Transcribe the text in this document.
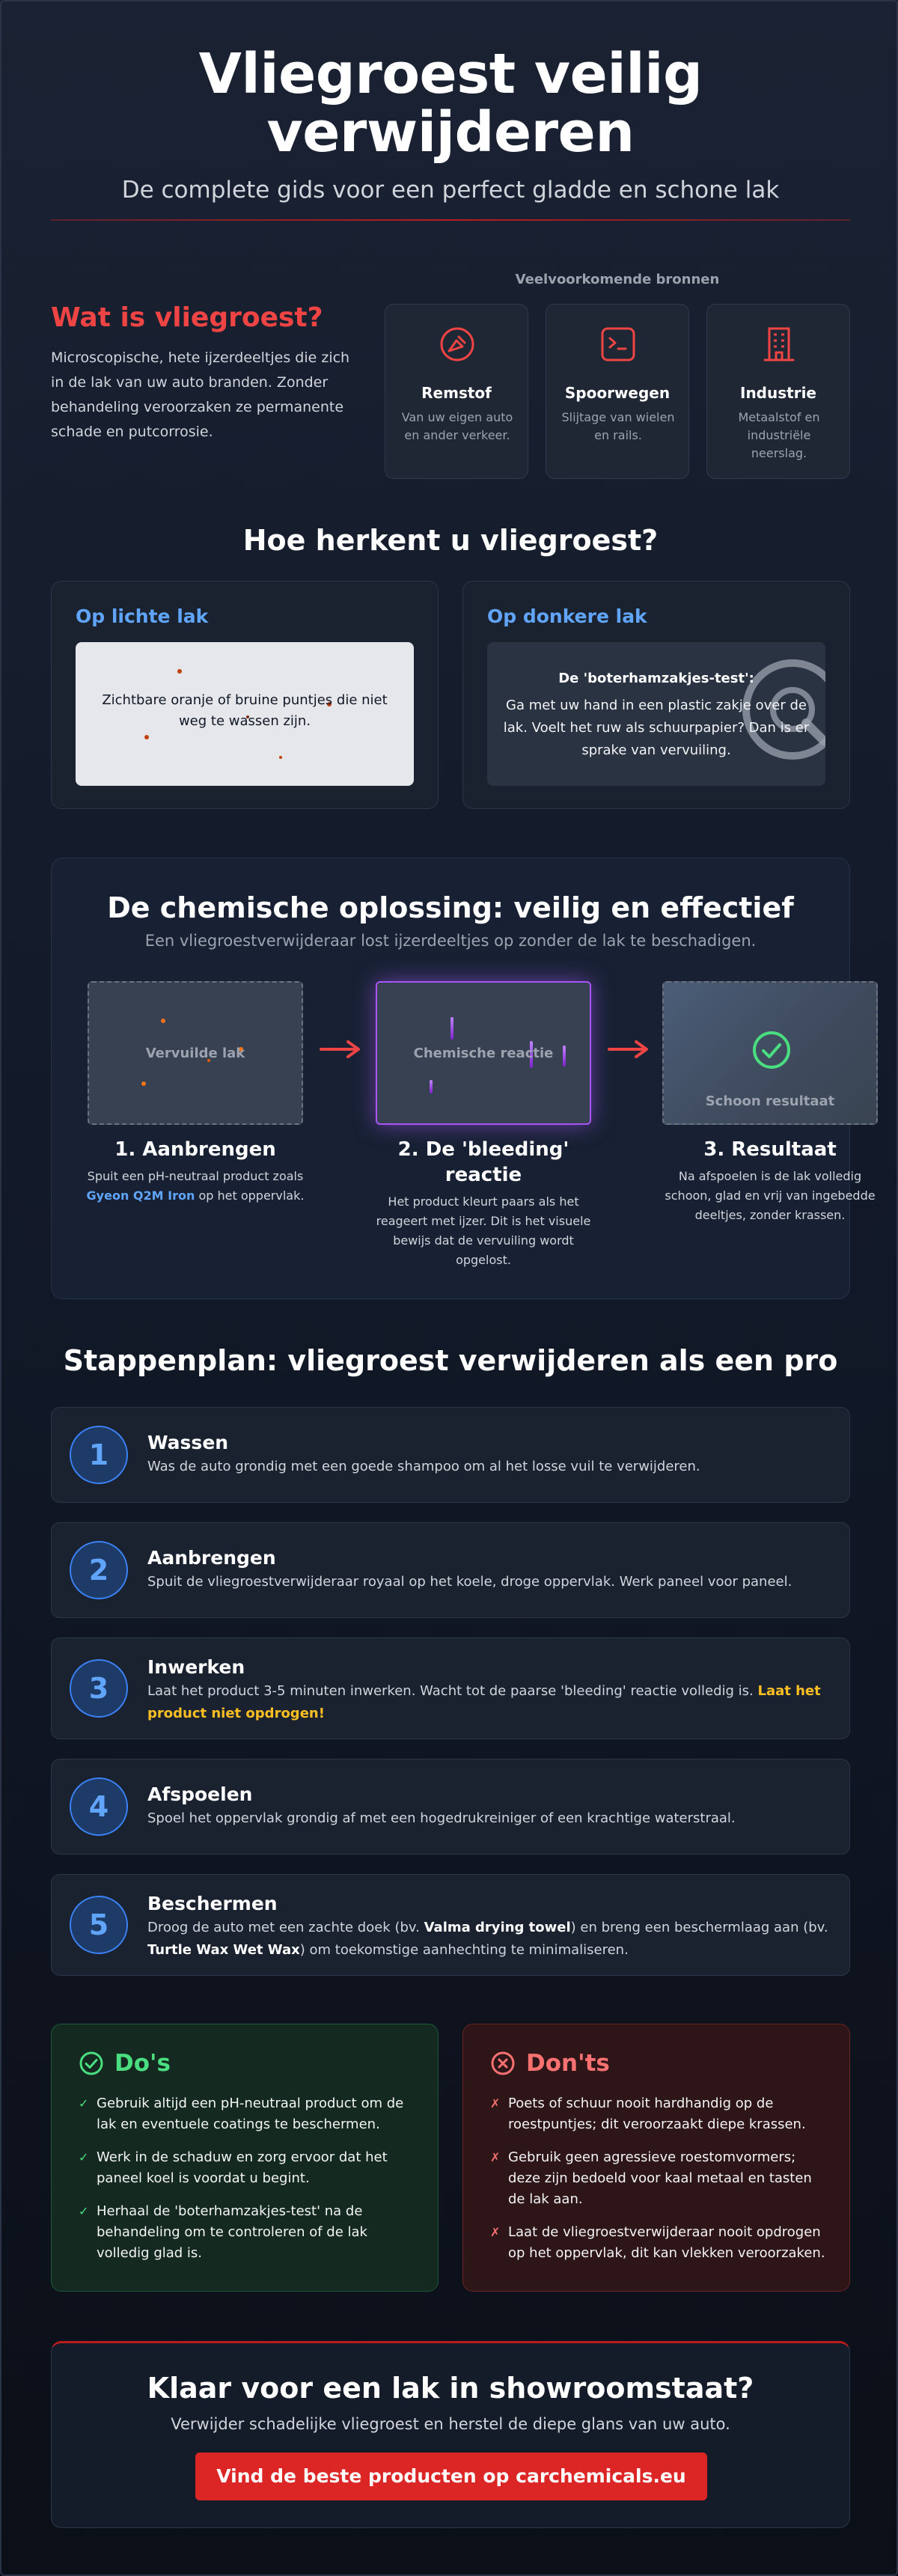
Vliegroest veilig
verwijderen
De complete gids voor een perfect gladde en schone lak
Wat is vliegroest?
Microscopische, hete ijzerdeeltjes die zich in de lak van uw auto branden. Zonder behandeling veroorzaken ze permanente schade en putcorrosie.
Veelvoorkomende bronnen
Remstof
Van uw eigen auto en ander verkeer.
Spoorwegen
Slijtage van wielen en rails.
Industrie
Metaalstof en industriële neerslag.
Hoe herkent u vliegroest?
Op lichte lak
Zichtbare oranje of bruine puntjes die niet weg te wassen zijn.
Op donkere lak
De 'boterhamzakjes-test':
Ga met uw hand in een plastic zakje over de lak. Voelt het ruw als schuurpapier? Dan is er sprake van vervuiling.
De chemische oplossing: veilig en effectief
Een vliegroestverwijderaar lost ijzerdeeltjes op zonder de lak te beschadigen.
Vervuilde lak	Chemische reactie
Schoon resultaat
1. Aanbrengen
Spuit een pH-neutraal product zoals Gyeon Q2M Iron op het oppervlak.
2. De 'bleeding' reactie
Het product kleurt paars als het reageert met ijzer. Dit is het visuele bewijs dat de vervuiling wordt opgelost.
3. Resultaat
Na afspoelen is de lak volledig schoon, glad en vrij van ingebedde deeltjes, zonder krassen.
Stappenplan: vliegroest verwijderen als een pro
1	Wassen
Was de auto grondig met een goede shampoo om al het losse vuil te verwijderen.
2	Aanbrengen
Spuit de vliegroestverwijderaar royaal op het koele, droge oppervlak. Werk paneel voor paneel.
3
Inwerken
Laat het product 3-5 minuten inwerken. Wacht tot de paarse 'bleeding' reactie volledig is. Laat het product niet opdrogen!
4	Afspoelen
Spoel het oppervlak grondig af met een hogedrukreiniger of een krachtige waterstraal.
5
Beschermen
Droog de auto met een zachte doek (bv. Valma drying towel) en breng een beschermlaag aan (bv. Turtle Wax Wet Wax) om toekomstige aanhechting te minimaliseren.
Do's
✓ Gebruik altijd een pH-neutraal product om de lak en eventuele coatings te beschermen.
✓ Werk in de schaduw en zorg ervoor dat het paneel koel is voordat u begint.
✓ Herhaal de 'boterhamzakjes-test' na de behandeling om te controleren of de lak volledig glad is.
Don'ts
✗ Poets of schuur nooit hardhandig op de roestpuntjes; dit veroorzaakt diepe krassen.
✗ Gebruik geen agressieve roestomvormers; deze zijn bedoeld voor kaal metaal en tasten de lak aan.
✗ Laat de vliegroestverwijderaar nooit opdrogen op het oppervlak, dit kan vlekken veroorzaken.
Klaar voor een lak in showroomstaat?
Verwijder schadelijke vliegroest en herstel de diepe glans van uw auto.
Vind de beste producten op carchemicals.eu
